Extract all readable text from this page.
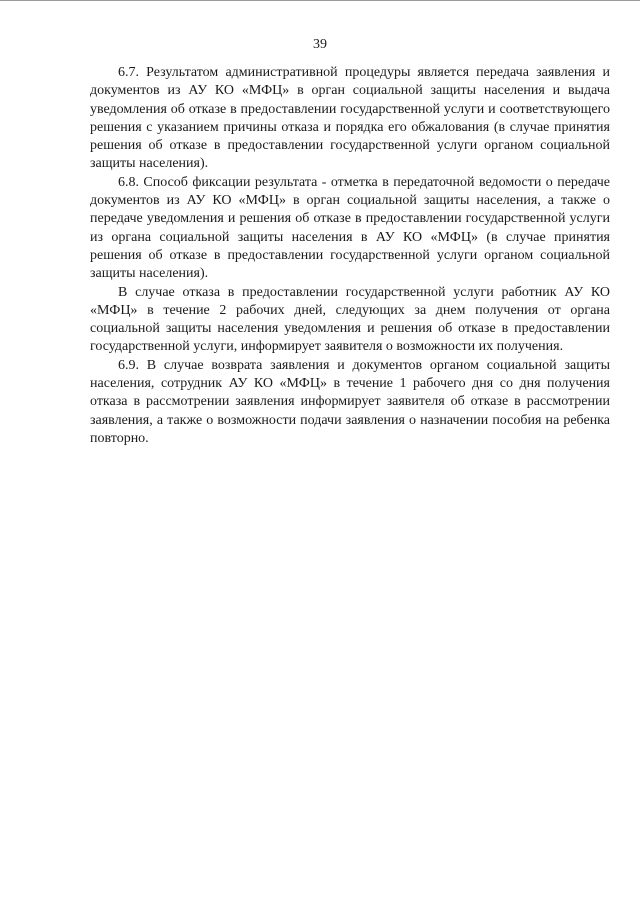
39

6.7. Результатом административной процедуры является передача заявления и документов из АУ КО «МФЦ» в орган социальной защиты населения и выдача уведомления об отказе в предоставлении государственной услуги и соответствующего решения с указанием причины отказа и порядка его обжалования (в случае принятия решения об отказе в предоставлении государственной услуги органом социальной защиты населения).

6.8. Способ фиксации результата - отметка в передаточной ведомости о передаче документов из АУ КО «МФЦ» в орган социальной защиты населения, а также о передаче уведомления и решения об отказе в предоставлении государственной услуги из органа социальной защиты населения в АУ КО «МФЦ» (в случае принятия решения об отказе в предоставлении государственной услуги органом социальной защиты населения).

В случае отказа в предоставлении государственной услуги работник АУ КО «МФЦ» в течение 2 рабочих дней, следующих за днем получения от органа социальной защиты населения уведомления и решения об отказе в предоставлении государственной услуги, информирует заявителя о возможности их получения.

6.9. В случае возврата заявления и документов органом социальной защиты населения, сотрудник АУ КО «МФЦ» в течение 1 рабочего дня со дня получения отказа в рассмотрении заявления информирует заявителя об отказе в рассмотрении заявления, а также о возможности подачи заявления о назначении пособия на ребенка повторно.
